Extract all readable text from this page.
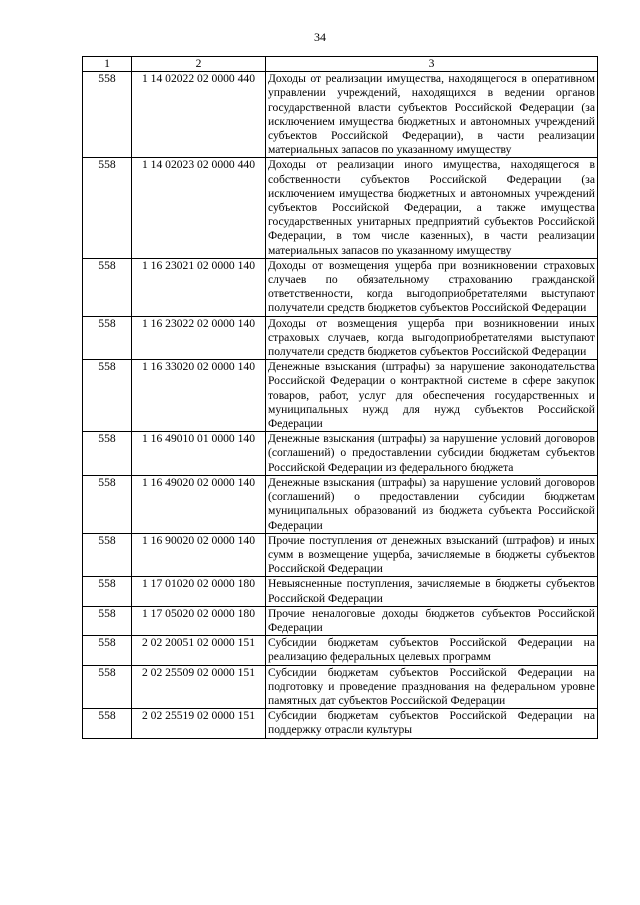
34
1	2	3
558	1 14 02022 02 0000 440	Доходы от реализации имущества, находящегося в оперативном управлении учреждений, находящихся в ведении органов государственной власти субъектов Российской Федерации (за исключением имущества бюджетных и автономных учреждений субъектов Российской Федерации), в части реализации материальных запасов по указанному имуществу
558	1 14 02023 02 0000 440	Доходы от реализации иного имущества, находящегося в собственности субъектов Российской Федерации (за исключением имущества бюджетных и автономных учреждений субъектов Российской Федерации, а также имущества государственных унитарных предприятий субъектов Российской Федерации, в том числе казенных), в части реализации материальных запасов по указанному имуществу
558	1 16 23021 02 0000 140	Доходы от возмещения ущерба при возникновении страховых случаев по обязательному страхованию гражданской ответственности, когда выгодоприобретателями выступают получатели средств бюджетов субъектов Российской Федерации
558	1 16 23022 02 0000 140	Доходы от возмещения ущерба при возникновении иных страховых случаев, когда выгодоприобретателями выступают получатели средств бюджетов субъектов Российской Федерации
558	1 16 33020 02 0000 140	Денежные взыскания (штрафы) за нарушение законодательства Российской Федерации о контрактной системе в сфере закупок товаров, работ, услуг для обеспечения государственных и муниципальных нужд для нужд субъектов Российской Федерации
558	1 16 49010 01 0000 140	Денежные взыскания (штрафы) за нарушение условий договоров (соглашений) о предоставлении субсидии бюджетам субъектов Российской Федерации из федерального бюджета
558	1 16 49020 02 0000 140	Денежные взыскания (штрафы) за нарушение условий договоров (соглашений) о предоставлении субсидии бюджетам муниципальных образований из бюджета субъекта Российской Федерации
558	1 16 90020 02 0000 140	Прочие поступления от денежных взысканий (штрафов) и иных сумм в возмещение ущерба, зачисляемые в бюджеты субъектов Российской Федерации
558	1 17 01020 02 0000 180	Невыясненные поступления, зачисляемые в бюджеты субъектов Российской Федерации
558	1 17 05020 02 0000 180	Прочие неналоговые доходы бюджетов субъектов Российской Федерации
558	2 02 20051 02 0000 151	Субсидии бюджетам субъектов Российской Федерации на реализацию федеральных целевых программ
558	2 02 25509 02 0000 151	Субсидии бюджетам субъектов Российской Федерации на подготовку и проведение празднования на федеральном уровне памятных дат субъектов Российской Федерации
558	2 02 25519 02 0000 151	Субсидии бюджетам субъектов Российской Федерации на поддержку отрасли культуры
